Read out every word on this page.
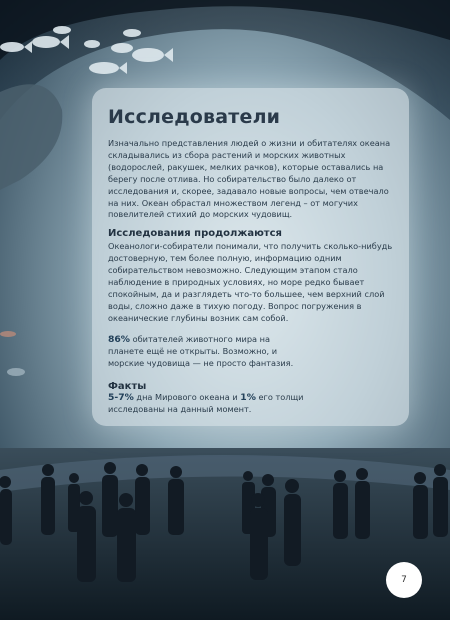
Исследователи

Изначально представления людей о жизни и обитателях океана складывались из сбора растений и морских животных (водорослей, ракушек, мелких рачков), которые оставались на берегу после отлива. Но собирательство было далеко от исследования и, скорее, задавало новые вопросы, чем отвечало на них. Океан обрастал множеством легенд – от могучих повелителей стихий до морских чудовищ.

Исследования продолжаются

Океанологи-собиратели понимали, что получить сколько-нибудь достоверную, тем более полную, информацию одним собирательством невозможно. Следующим этапом стало наблюдение в природных условиях, но море редко бывает спокойным, да и разглядеть что-то большее, чем верхний слой воды, сложно даже в тихую погоду. Вопрос погружения в океанические глубины возник сам собой.

86% обитателей живoтного мира на планете ещё не открыты. Возможно, и морские чудовища — не просто фантазия.

Факты

5-7% дна Мирового океана и 1% его толщи исследованы на данный момент.

7
